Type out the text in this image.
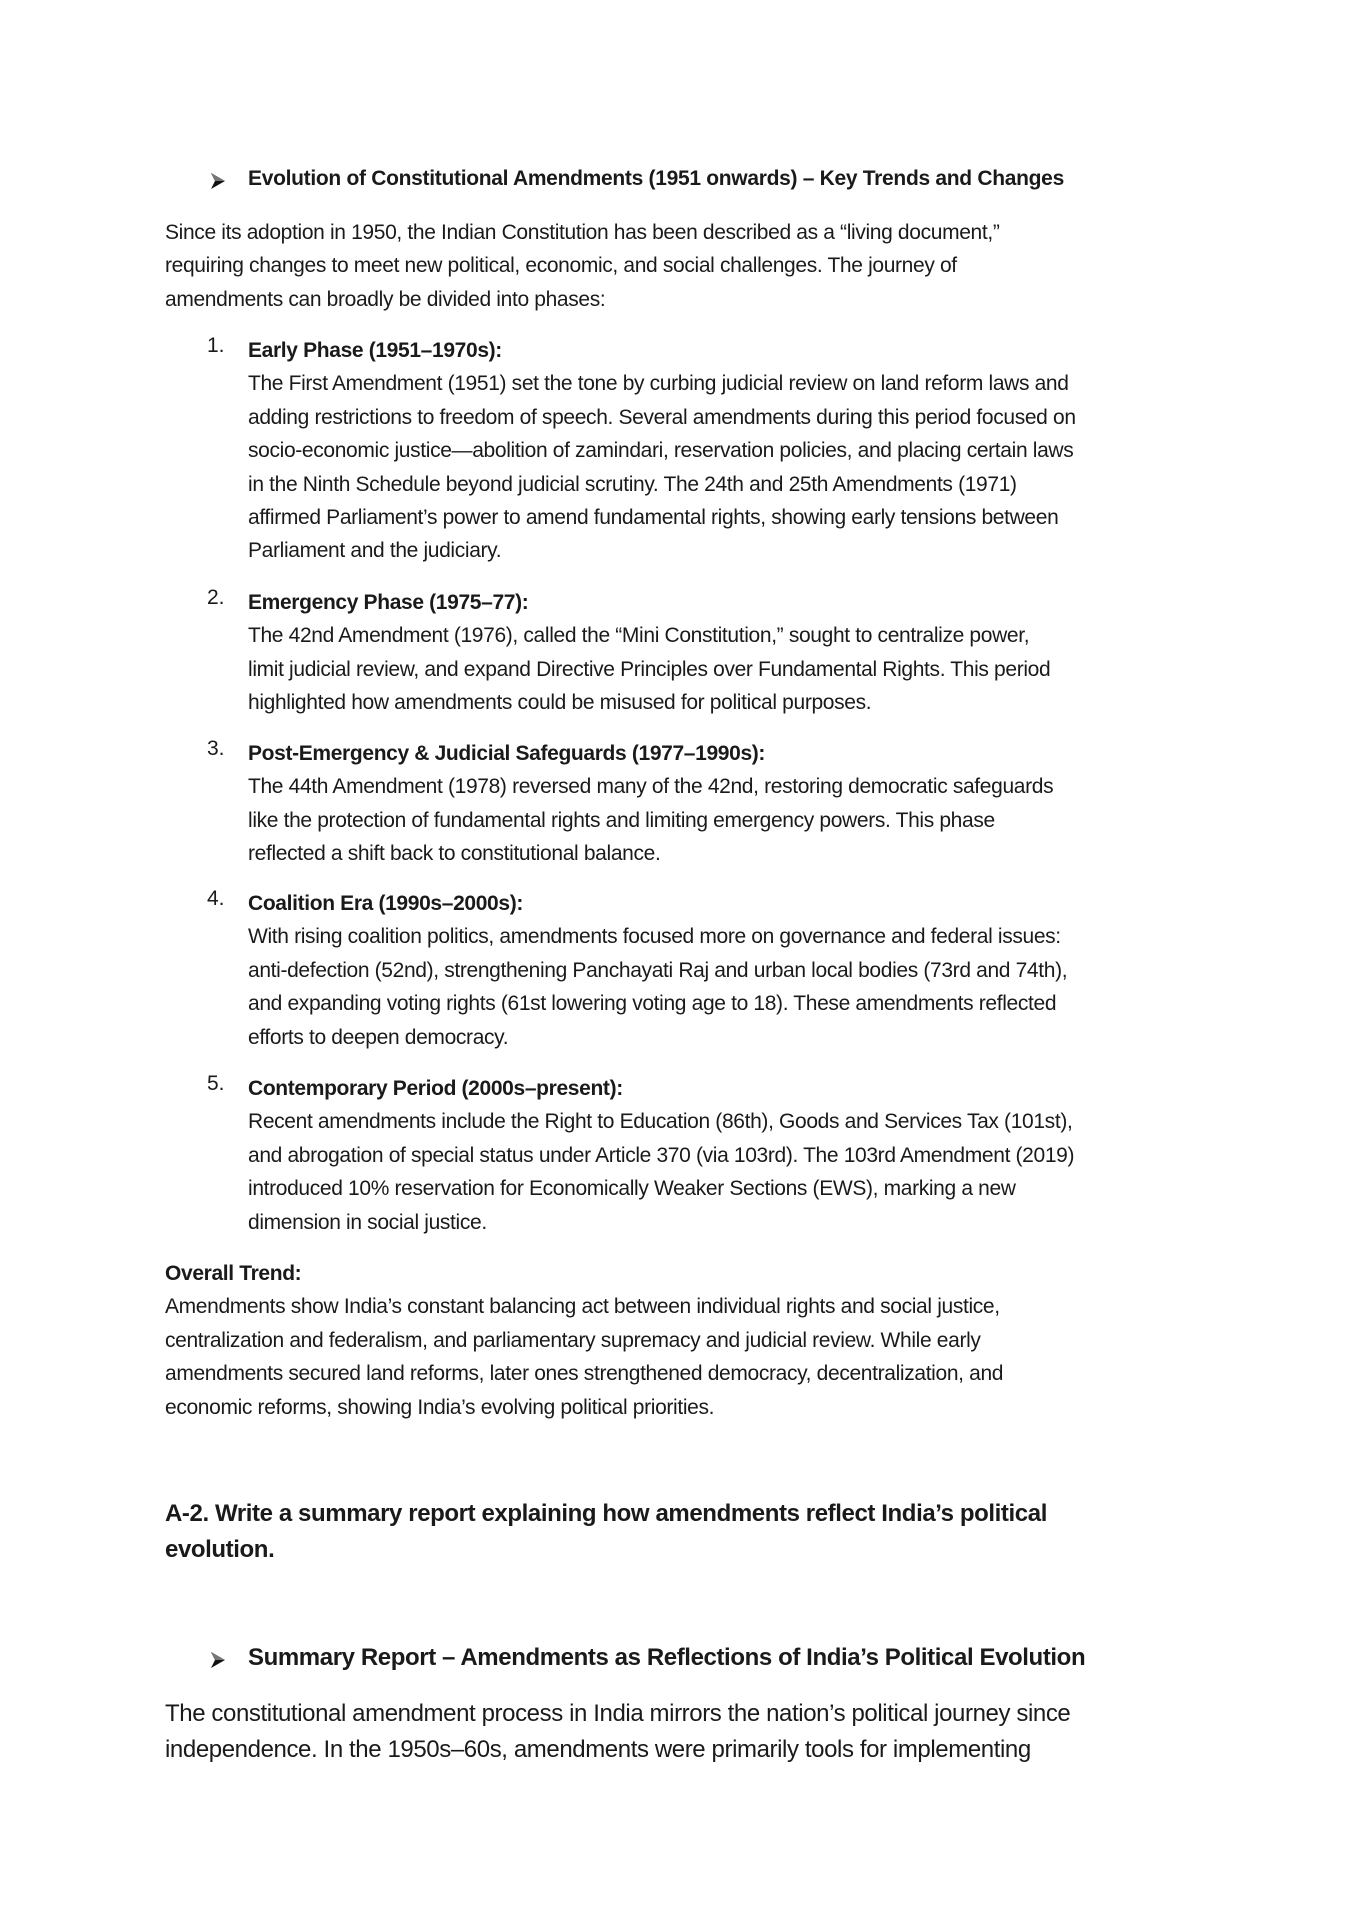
Evolution of Constitutional Amendments (1951 onwards) – Key Trends and Changes
Since its adoption in 1950, the Indian Constitution has been described as a “living document,”
requiring changes to meet new political, economic, and social challenges. The journey of
amendments can broadly be divided into phases:
1. Early Phase (1951–1970s):
The First Amendment (1951) set the tone by curbing judicial review on land reform laws and
adding restrictions to freedom of speech. Several amendments during this period focused on
socio-economic justice—abolition of zamindari, reservation policies, and placing certain laws
in the Ninth Schedule beyond judicial scrutiny. The 24th and 25th Amendments (1971)
affirmed Parliament’s power to amend fundamental rights, showing early tensions between
Parliament and the judiciary.
2. Emergency Phase (1975–77):
The 42nd Amendment (1976), called the “Mini Constitution,” sought to centralize power,
limit judicial review, and expand Directive Principles over Fundamental Rights. This period
highlighted how amendments could be misused for political purposes.
3. Post-Emergency & Judicial Safeguards (1977–1990s):
The 44th Amendment (1978) reversed many of the 42nd, restoring democratic safeguards
like the protection of fundamental rights and limiting emergency powers. This phase
reflected a shift back to constitutional balance.
4. Coalition Era (1990s–2000s):
With rising coalition politics, amendments focused more on governance and federal issues:
anti-defection (52nd), strengthening Panchayati Raj and urban local bodies (73rd and 74th),
and expanding voting rights (61st lowering voting age to 18). These amendments reflected
efforts to deepen democracy.
5. Contemporary Period (2000s–present):
Recent amendments include the Right to Education (86th), Goods and Services Tax (101st),
and abrogation of special status under Article 370 (via 103rd). The 103rd Amendment (2019)
introduced 10% reservation for Economically Weaker Sections (EWS), marking a new
dimension in social justice.
Overall Trend:
Amendments show India’s constant balancing act between individual rights and social justice,
centralization and federalism, and parliamentary supremacy and judicial review. While early
amendments secured land reforms, later ones strengthened democracy, decentralization, and
economic reforms, showing India’s evolving political priorities.
A-2. Write a summary report explaining how amendments reflect India’s political
evolution.
Summary Report – Amendments as Reflections of India’s Political Evolution
The constitutional amendment process in India mirrors the nation’s political journey since
independence. In the 1950s–60s, amendments were primarily tools for implementing
